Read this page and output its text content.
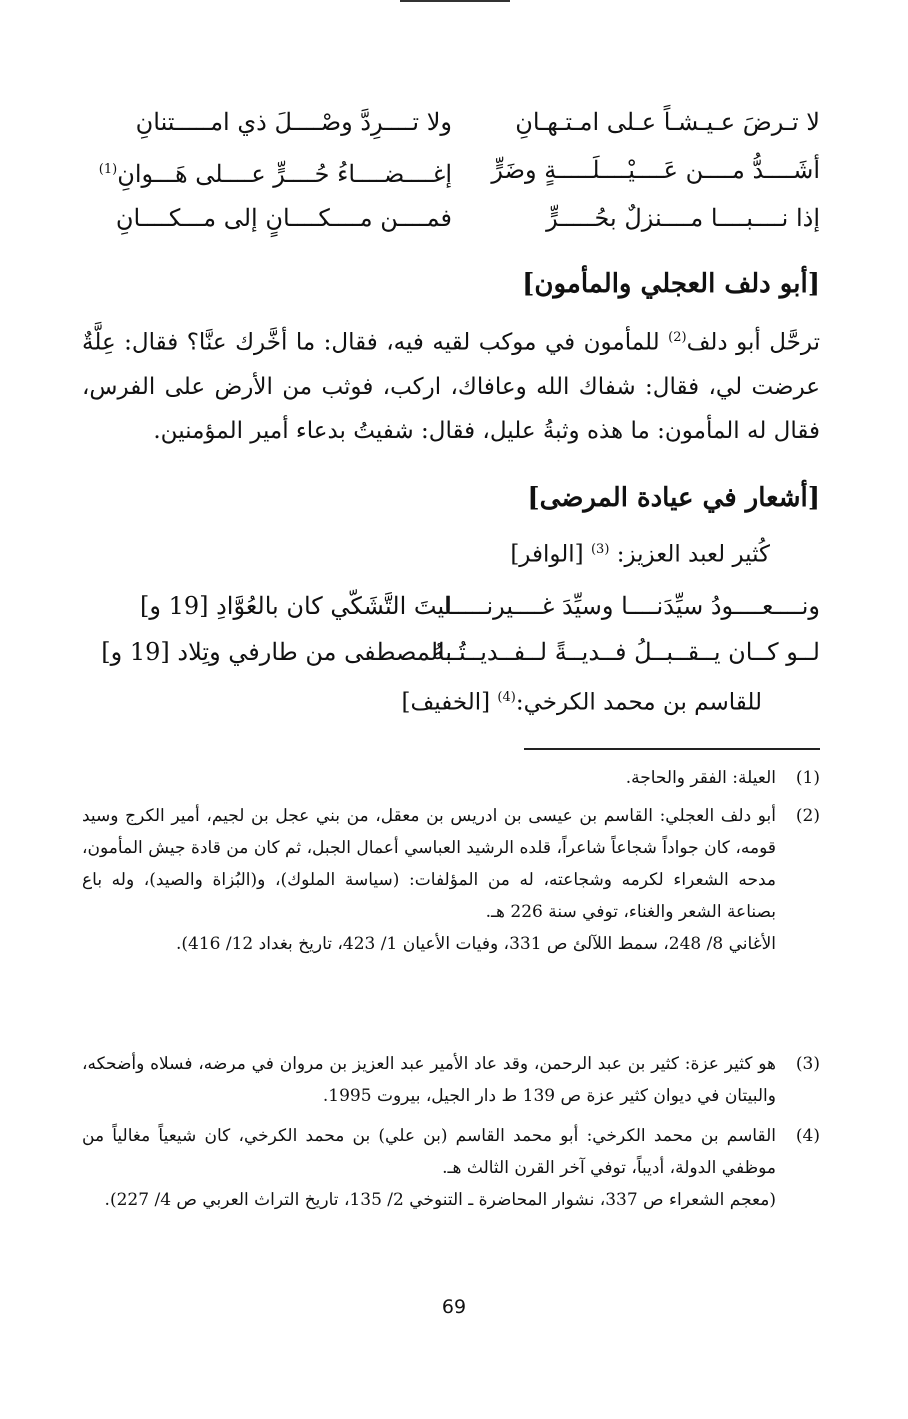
لا تـرضَ عـيـشـاً عـلى امـتـهـانِ
ولا تــــرِدَّ وصْــــلَ ذي امـــــتنانِ
أشَــــدُّ مــــن عَــــيْــــلَـــــةٍ وضَرٍّ
إغــــضــــاءُ حُــــرٍّ عــــلى هَـــوانِ$^{(1)}$
إذا نــــبــــا مــــنزلٌ بحُـــــرٍّ
فمــــن مــــكــــانٍ إلى مـــكــــانِ
[أبو دلف العجلي والمأمون]
ترحَّل أبو دلف$^{(2)}$ للمأمون في موكب لقيه فيه، فقال: ما أخَّرك عنَّا؟ فقال: عِلَّةٌ عرضت لي، فقال: شفاك الله وعافاك، اركب، فوثب من الأرض على الفرس، فقال له المأمون: ما هذه وثبةُ عليل، فقال: شفيتُ بدعاء أمير المؤمنين.
[أشعار في عيادة المرضى]
كُثير لعبد العزيز: $^{(3)}$ [الوافر]
ونــــعــــودُ سيِّدَنــــا وسيِّدَ غــــيرنـــــا
ليتَ التَّشَكّي كان بالعُوَّادِ [19 و]
لــو كــان يــقــبــلُ فــديــةً لــفــديــتُــهُ
بالمصطفى من طارفي وتِلاد [19 و]
للقاسم بن محمد الكرخي:$^{(4)}$ [الخفيف]
(1)
العيلة: الفقر والحاجة.
(2)
أبو دلف العجلي: القاسم بن عيسى بن ادريس بن معقل، من بني عجل بن لجيم، أمير الكرج وسيد قومه، كان جواداً شجاعاً شاعراً، قلده الرشيد العباسي أعمال الجبل، ثم كان من قادة جيش المأمون، مدحه الشعراء لكرمه وشجاعته، له من المؤلفات: (سياسة الملوك)، و(البُزاة والصيد)، وله باع بصناعة الشعر والغناء، توفي سنة 226 هـ.
الأغاني 8/ 248، سمط اللآلئ ص 331، وفيات الأعيان 1/ 423، تاريخ بغداد 12/ 416).
(3)
هو كثير عزة: كثير بن عبد الرحمن، وقد عاد الأمير عبد العزيز بن مروان في مرضه، فسلاه وأضحكه، والبيتان في ديوان كثير عزة ص 139 ط دار الجيل، بيروت 1995.
(4)
القاسم بن محمد الكرخي: أبو محمد القاسم (بن علي) بن محمد الكرخي، كان شيعياً مغالياً من موظفي الدولة، أديباً، توفي آخر القرن الثالث هـ.
(معجم الشعراء ص 337، نشوار المحاضرة ـ التنوخي 2/ 135، تاريخ التراث العربي ص 4/ 227).
69
